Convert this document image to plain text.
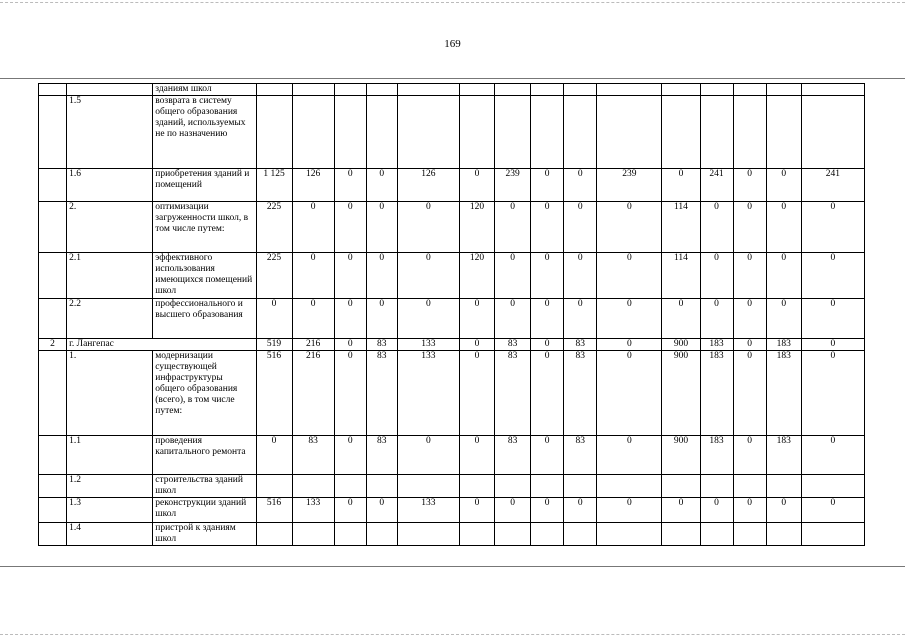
169
		зданиям школ															
	1.5	возврата в систему общего образования зданий, используемых не по назначению															
	1.6	приобретения зданий и помещений	1 125	126	0	0	126	0	239	0	0	239	0	241	0	0	241
	2.	оптимизации загруженности школ, в том числе путем:	225	0	0	0	0	120	0	0	0	0	114	0	0	0	0
	2.1	эффективного использования имеющихся помещений школ	225	0	0	0	0	120	0	0	0	0	114	0	0	0	0
	2.2	профессионального и высшего образования	0	0	0	0	0	0	0	0	0	0	0	0	0	0	0
2	г. Лангепас		519	216	0	83	133	0	83	0	83	0	900	183	0	183	0
	1.	модернизации существующей инфраструктуры общего образования (всего), в том числе путем:	516	216	0	83	133	0	83	0	83	0	900	183	0	183	0
	1.1	проведения капитального ремонта	0	83	0	83	0	0	83	0	83	0	900	183	0	183	0
	1.2	строительства зданий школ															
	1.3	реконструкции зданий школ	516	133	0	0	133	0	0	0	0	0	0	0	0	0	0
	1.4	пристрой к зданиям школ															
